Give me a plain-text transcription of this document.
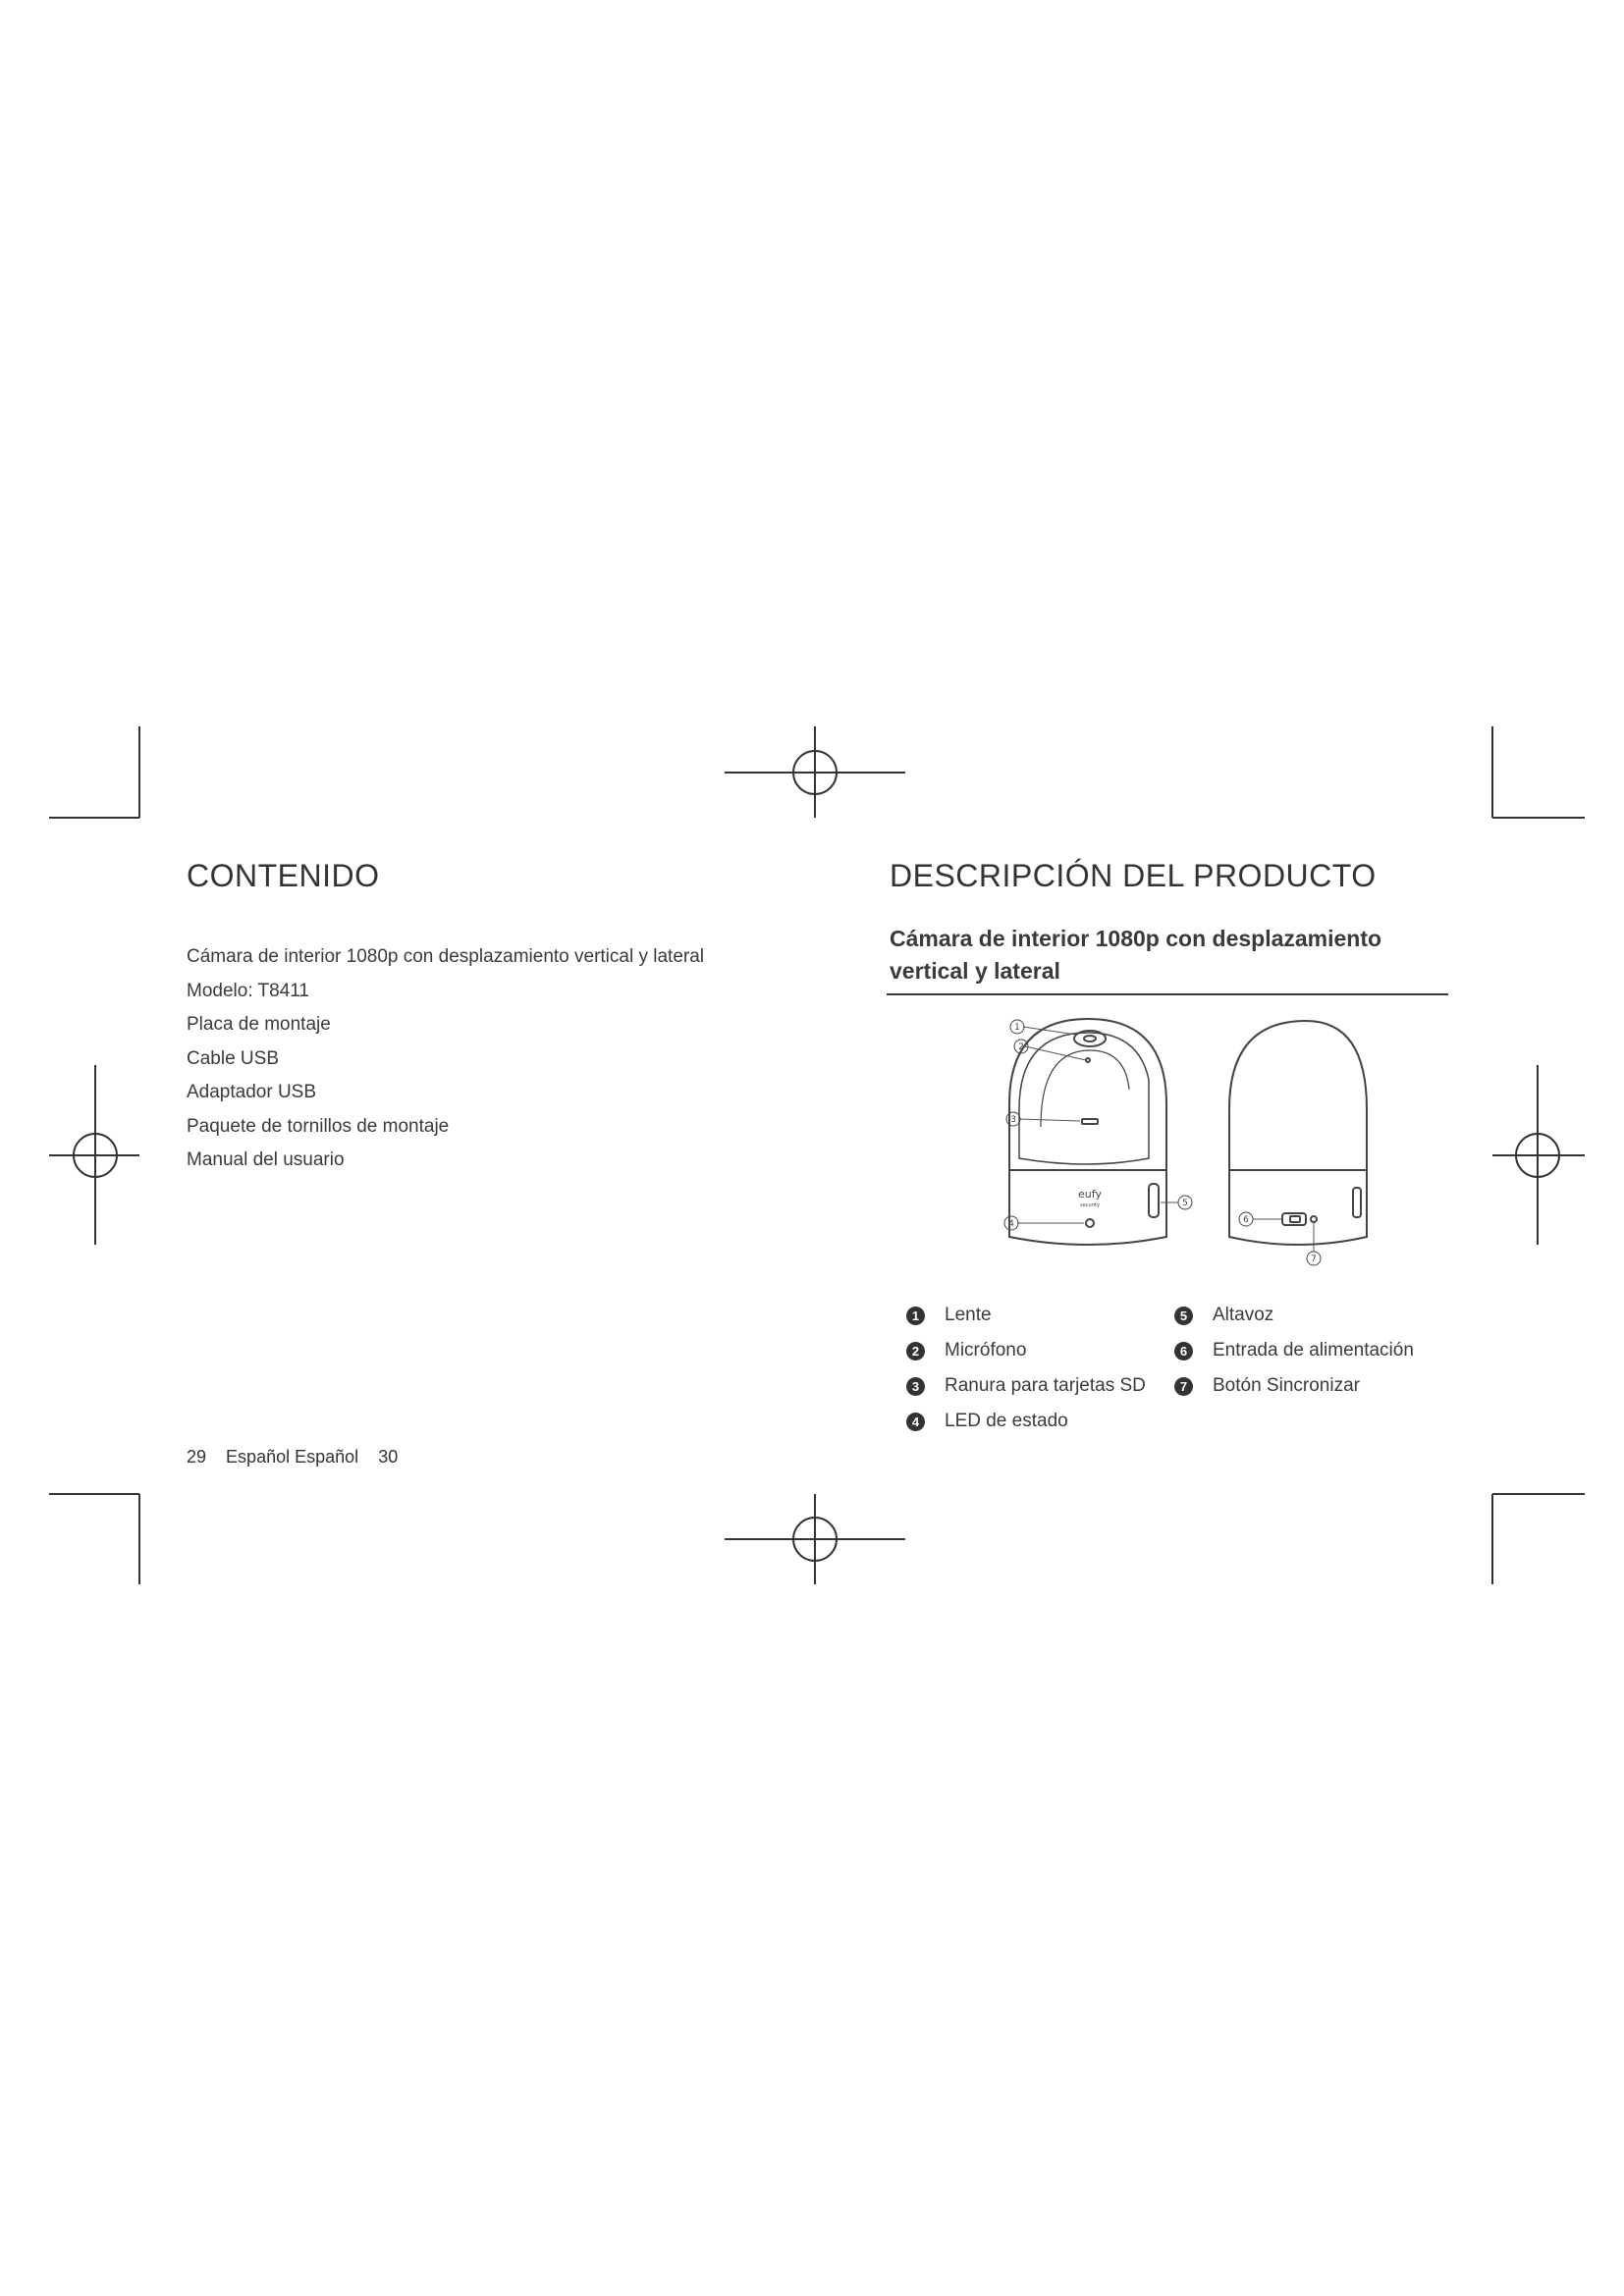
CONTENIDO
Cámara de interior 1080p con desplazamiento vertical y lateral
Modelo: T8411
Placa de montaje
Cable USB
Adaptador USB
Paquete de tornillos de montaje
Manual del usuario
29 Español Español 30
DESCRIPCIÓN DEL PRODUCTO
Cámara de interior 1080p con desplazamiento
vertical y lateral
1
2
3
4
5
6
7
eufy
security
1	Lente
2	Micrófono
3	Ranura para tarjetas SD
4	LED de estado
5	Altavoz
6	Entrada de alimentación
7	Botón Sincronizar
